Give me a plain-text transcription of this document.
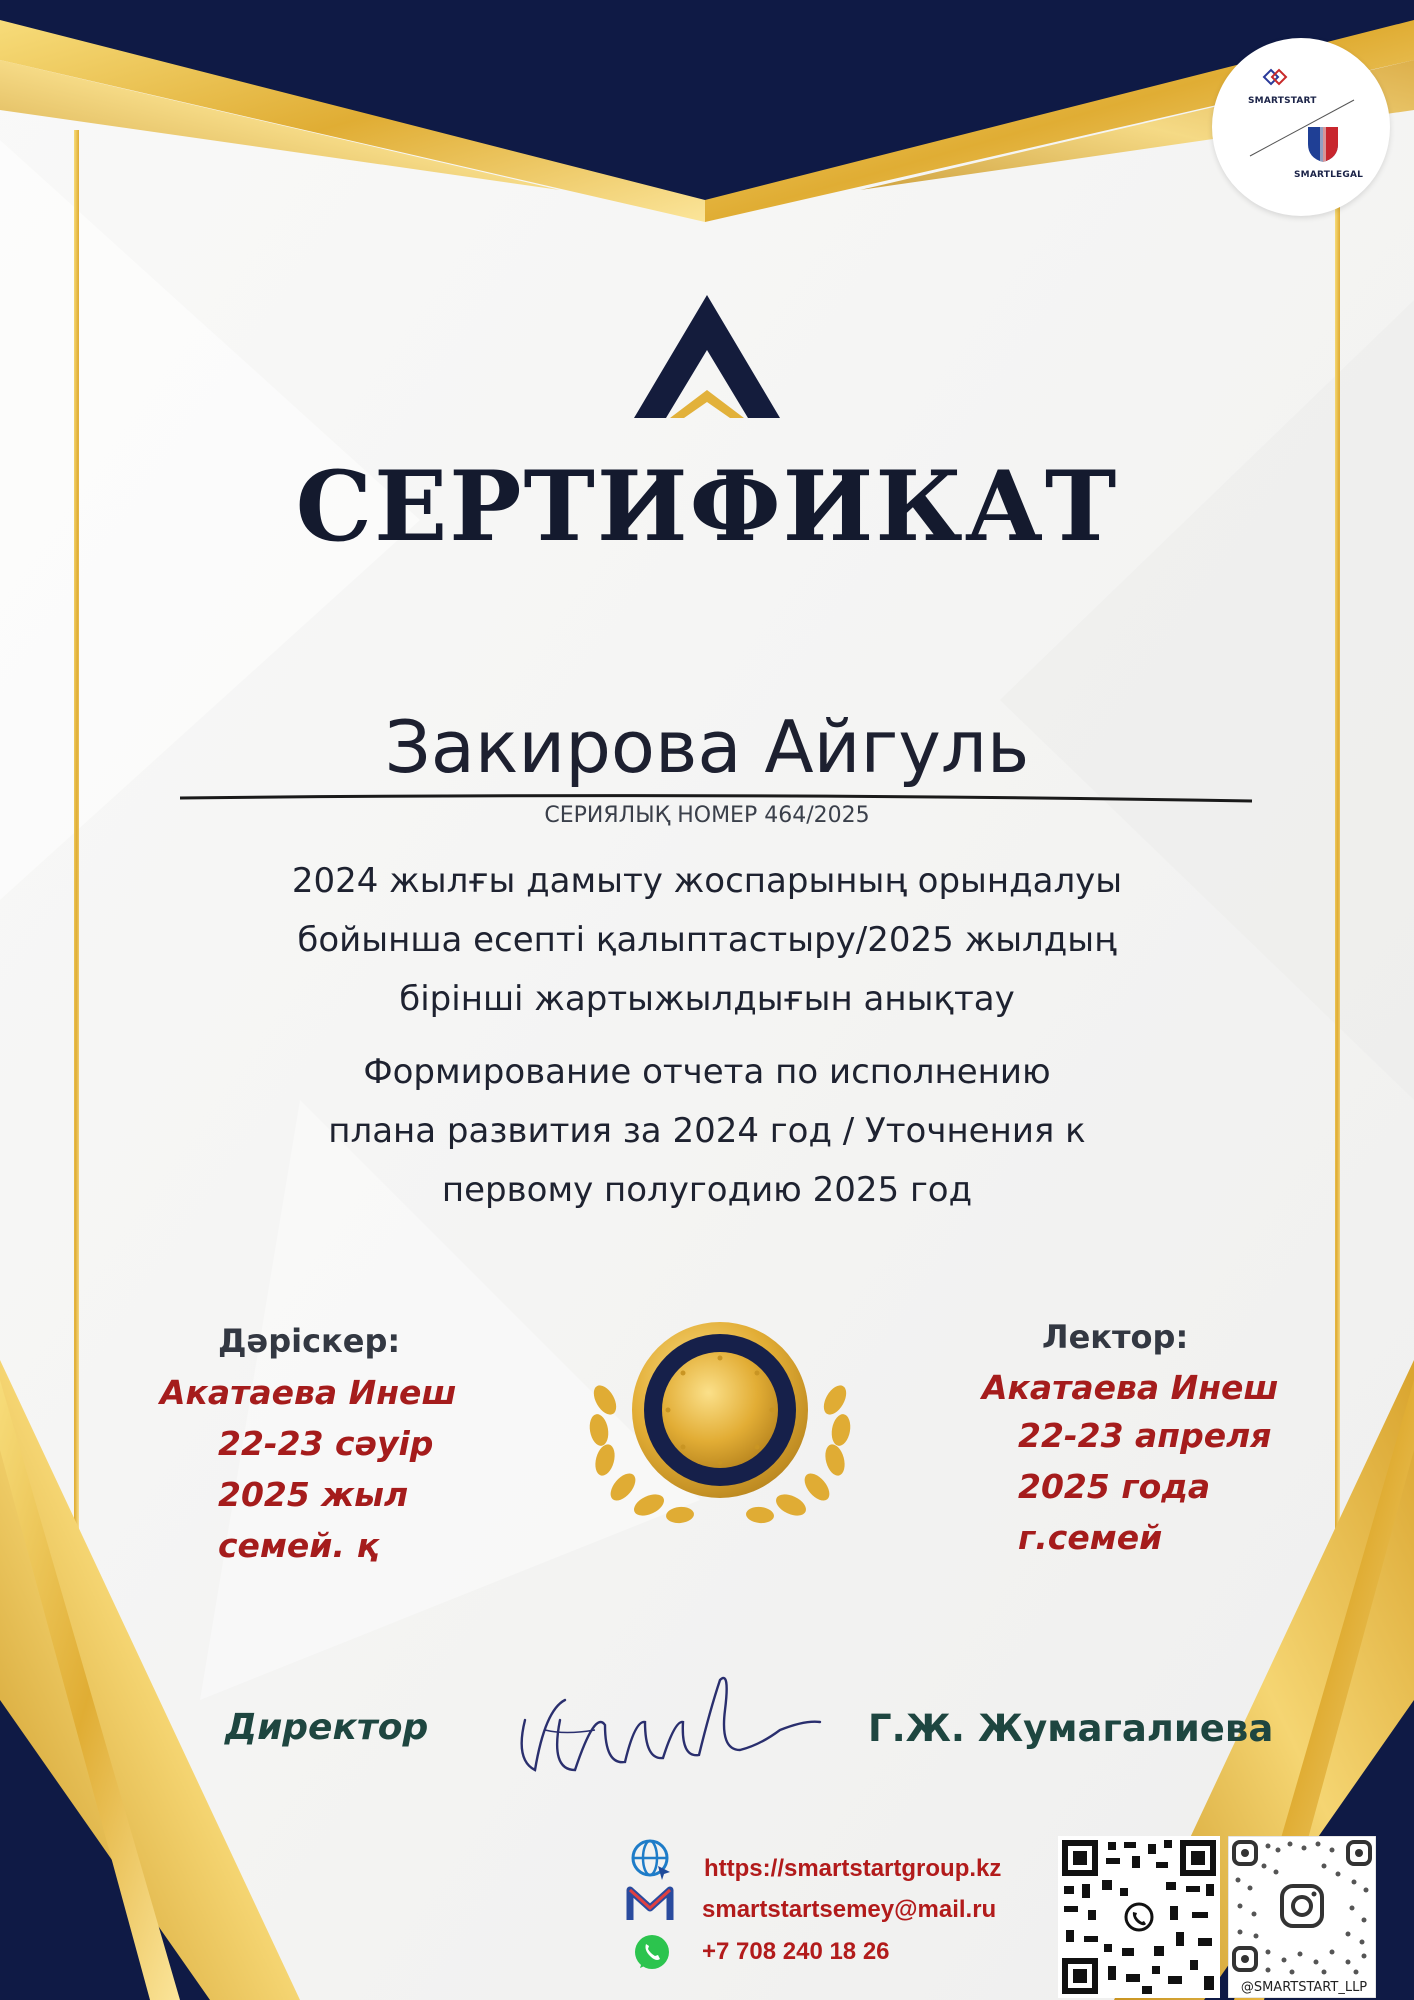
SMARTSTART
SMARTLEGAL
СЕРТИФИКАТ
Закирова Айгуль
СЕРИЯЛЫҚ НОМЕР 464/2025
2024 жылғы дамыту жоспарының орындалуы
бойынша есепті қалыптастыру/2025 жылдың
бірінші жартыжылдығын анықтау
Формирование отчета по исполнению
плана развития за 2024 год / Уточнения к
первому полугодию 2025 год
Дәріскер:
Акатаева Инеш
22-23 сәуір
2025 жыл
семей. қ
Лектор:
Акатаева Инеш
22-23 апреля
2025 года
г.семей
Директор	Г.Ж. Жумагалиева
https://smartstartgroup.kz
smartstartsemey@mail.ru
+7 708 240 18 26
@SMARTSTART_LLP
